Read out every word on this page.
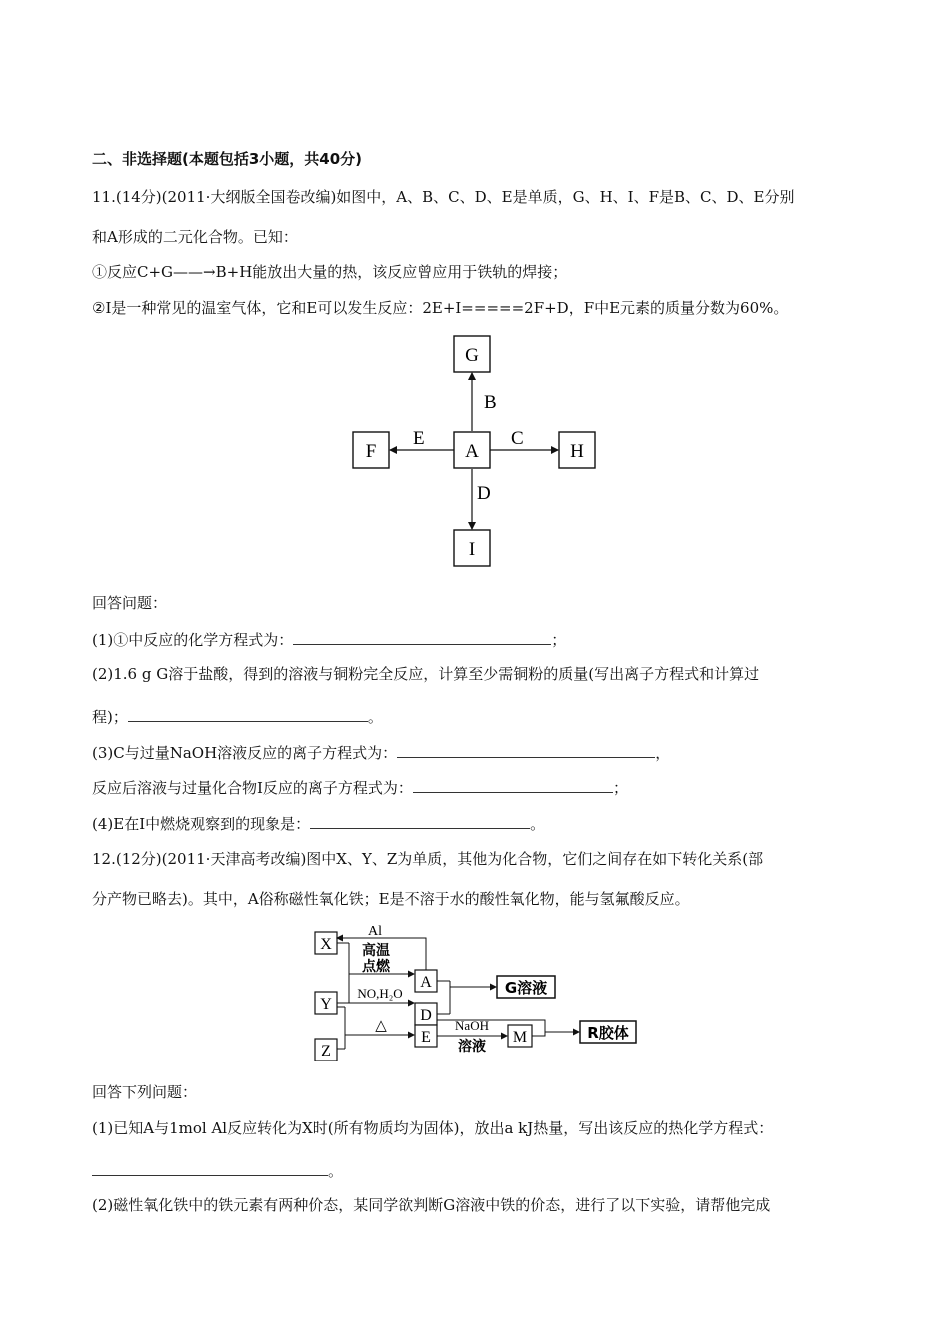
二、非选择题(本题包括3小题，共40分)
11.(14分)(2011·大纲版全国卷改编)如图中，A、B、C、D、E是单质，G、H、I、F是B、C、D、E分别
和A形成的二元化合物。已知：
①反应C+G——→B+H能放出大量的热，该反应曾应用于铁轨的焊接；
②I是一种常见的温室气体，它和E可以发生反应：2E+I=====2F+D，F中E元素的质量分数为60%。
G
F	A	H
I
B
E	C
D
回答问题：
(1)①中反应的化学方程式为：	；
(2)1.6 g G溶于盐酸，得到的溶液与铜粉完全反应，计算至少需铜粉的质量(写出离子方程式和计算过
程)；	。
(3)C与过量NaOH溶液反应的离子方程式为：	，
反应后溶液与过量化合物I反应的离子方程式为：	；
(4)E在I中燃烧观察到的现象是：	。
12.(12分)(2011·天津高考改编)图中X、Y、Z为单质，其他为化合物，它们之间存在如下转化关系(部
分产物已略去)。其中，A俗称磁性氧化铁；E是不溶于水的酸性氧化物，能与氢氟酸反应。
X
Y
Z
A
D
E	M
G溶液
R胶体
Al
高温
点燃
NO,H₂O
△	NaOH
溶液
回答下列问题：
(1)已知A与1mol Al反应转化为X时(所有物质均为固体)，放出a kJ热量，写出该反应的热化学方程式：
。
(2)磁性氧化铁中的铁元素有两种价态，某同学欲判断G溶液中铁的价态，进行了以下实验，请帮他完成
